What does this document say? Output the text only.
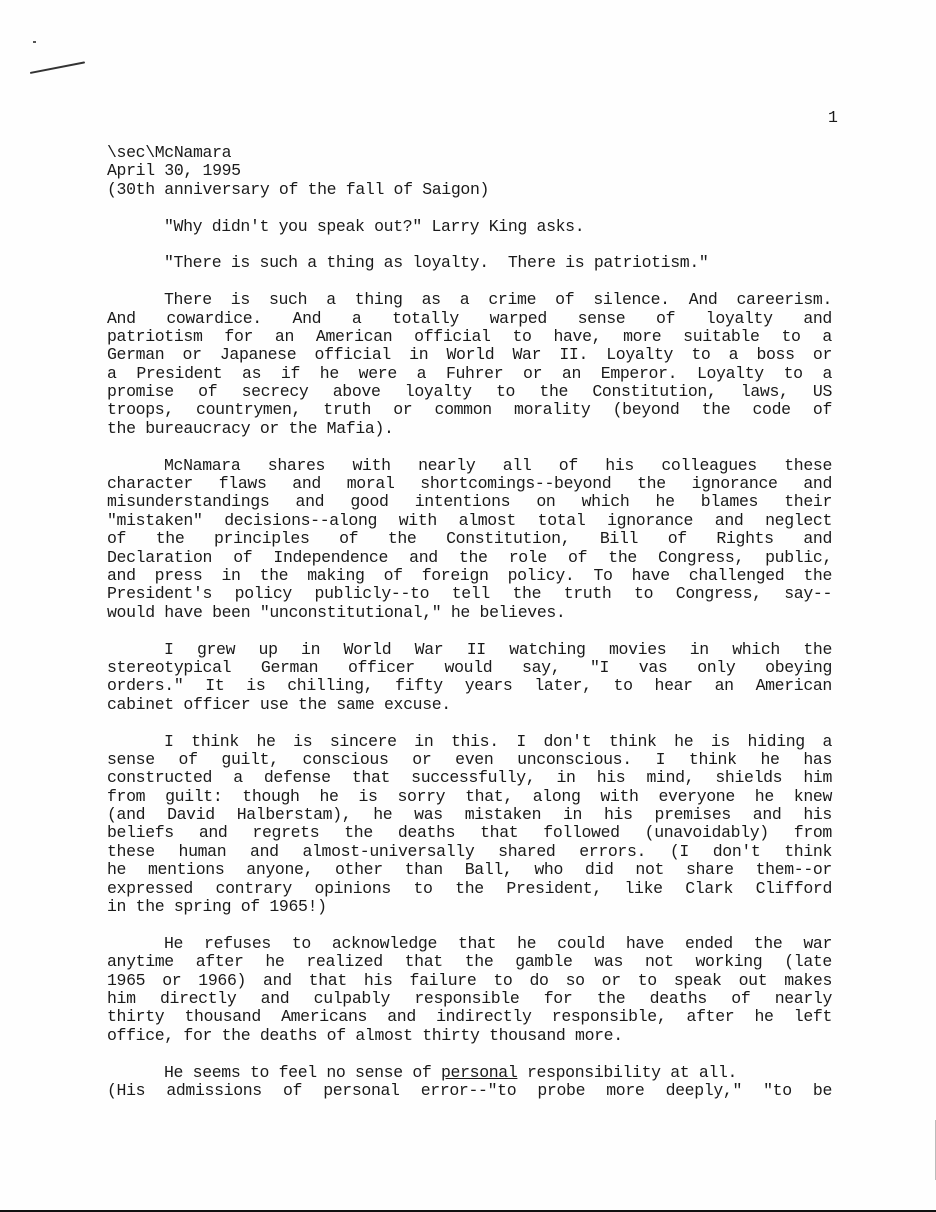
1
\sec\McNamara
April 30, 1995
(30th anniversary of the fall of Saigon)
"Why didn't you speak out?" Larry King asks.
"There is such a thing as loyalty.  There is patriotism."
There is such a thing as a crime of silence. And careerism.
And cowardice. And a totally warped sense of loyalty and
patriotism for an American official to have, more suitable to a
German or Japanese official in World War II. Loyalty to a boss or
a President as if he were a Fuhrer or an Emperor. Loyalty to a
promise of secrecy above loyalty to the Constitution, laws, US
troops, countrymen, truth or common morality (beyond the code of
the bureaucracy or the Mafia).
McNamara shares with nearly all of his colleagues these
character flaws and moral shortcomings--beyond the ignorance and
misunderstandings and good intentions on which he blames their
"mistaken" decisions--along with almost total ignorance and neglect
of the principles of the Constitution, Bill of Rights and
Declaration of Independence and the role of the Congress, public,
and press in the making of foreign policy. To have challenged the
President's policy publicly--to tell the truth to Congress, say--
would have been "unconstitutional," he believes.
I grew up in World War II watching movies in which the
stereotypical German officer would say, "I vas only obeying
orders." It is chilling, fifty years later, to hear an American
cabinet officer use the same excuse.
I think he is sincere in this. I don't think he is hiding a
sense of guilt, conscious or even unconscious. I think he has
constructed a defense that successfully, in his mind, shields him
from guilt: though he is sorry that, along with everyone he knew
(and David Halberstam), he was mistaken in his premises and his
beliefs and regrets the deaths that followed (unavoidably) from
these human and almost-universally shared errors. (I don't think
he mentions anyone, other than Ball, who did not share them--or
expressed contrary opinions to the President, like Clark Clifford
in the spring of 1965!)
He refuses to acknowledge that he could have ended the war
anytime after he realized that the gamble was not working (late
1965 or 1966) and that his failure to do so or to speak out makes
him directly and culpably responsible for the deaths of nearly
thirty thousand Americans and indirectly responsible, after he left
office, for the deaths of almost thirty thousand more.
He seems to feel no sense of personal responsibility at all.
(His admissions of personal error--"to probe more deeply," "to be
